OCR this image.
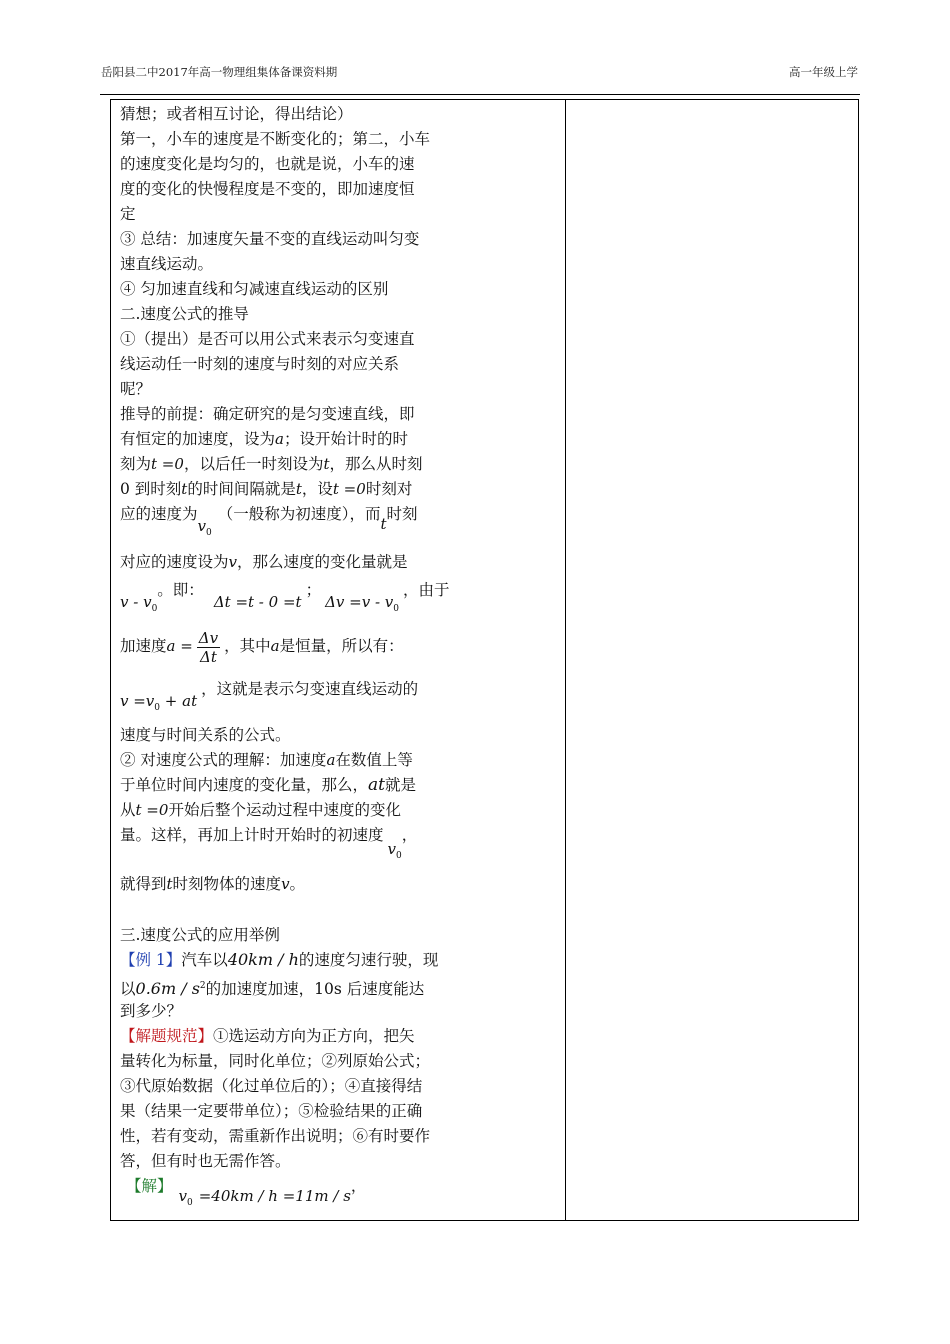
岳阳县二中2017年高一物理组集体备课资料期	高一年级上学
猜想；或者相互讨论，得出结论）
第一，小车的速度是不断变化的；第二，小车
的速度变化是均匀的，也就是说，小车的速
度的变化的快慢程度是不变的，即加速度恒
定
③ 总结：加速度矢量不变的直线运动叫匀变
速直线运动。
④ 匀加速直线和匀减速直线运动的区别
二.速度公式的推导
①（提出）是否可以用公式来表示匀变速直
线运动任一时刻的速度与时刻的对应关系
呢？
推导的前提：确定研究的是匀变速直线，即
有恒定的加速度，设为a；设开始计时的时
刻为t =0，以后任一时刻设为t，那么从时刻
0 到时刻t的时间间隔就是t，设t =0时刻对
应的速度为$v_0$（一般称为初速度），而t时刻
对应的速度设为v，那么速度的变化量就是
v - $v_0$。即：Δt =t - 0 =t；$\Delta v =v - v_0$，由于
加速度$a = \frac{\Delta v}{\Delta t}$ ，其中a是恒量，所以有：
$v =v_0$ + at，这就是表示匀变速直线运动的
速度与时间关系的公式。
② 对速度公式的理解：加速度a在数值上等
于单位时间内速度的变化量，那么，at就是
从t =0开始后整个运动过程中速度的变化
量。这样，再加上计时开始时的初速度$v_0$，
就得到t时刻物体的速度v。
三.速度公式的应用举例
【例 1】汽车以40km / h的速度匀速行驶，现
以$0.6m / s^2$的加速度加速，10s 后速度能达
到多少？
【解题规范】①选运动方向为正方向，把矢
量转化为标量，同时化单位；②列原始公式；
③代原始数据（化过单位后的）；④直接得结
果（结果一定要带单位）；⑤检验结果的正确
性，若有变动，需重新作出说明；⑥有时要作
答，但有时也无需作答。
【解】$v_0 =40km / h =11m / s$，
